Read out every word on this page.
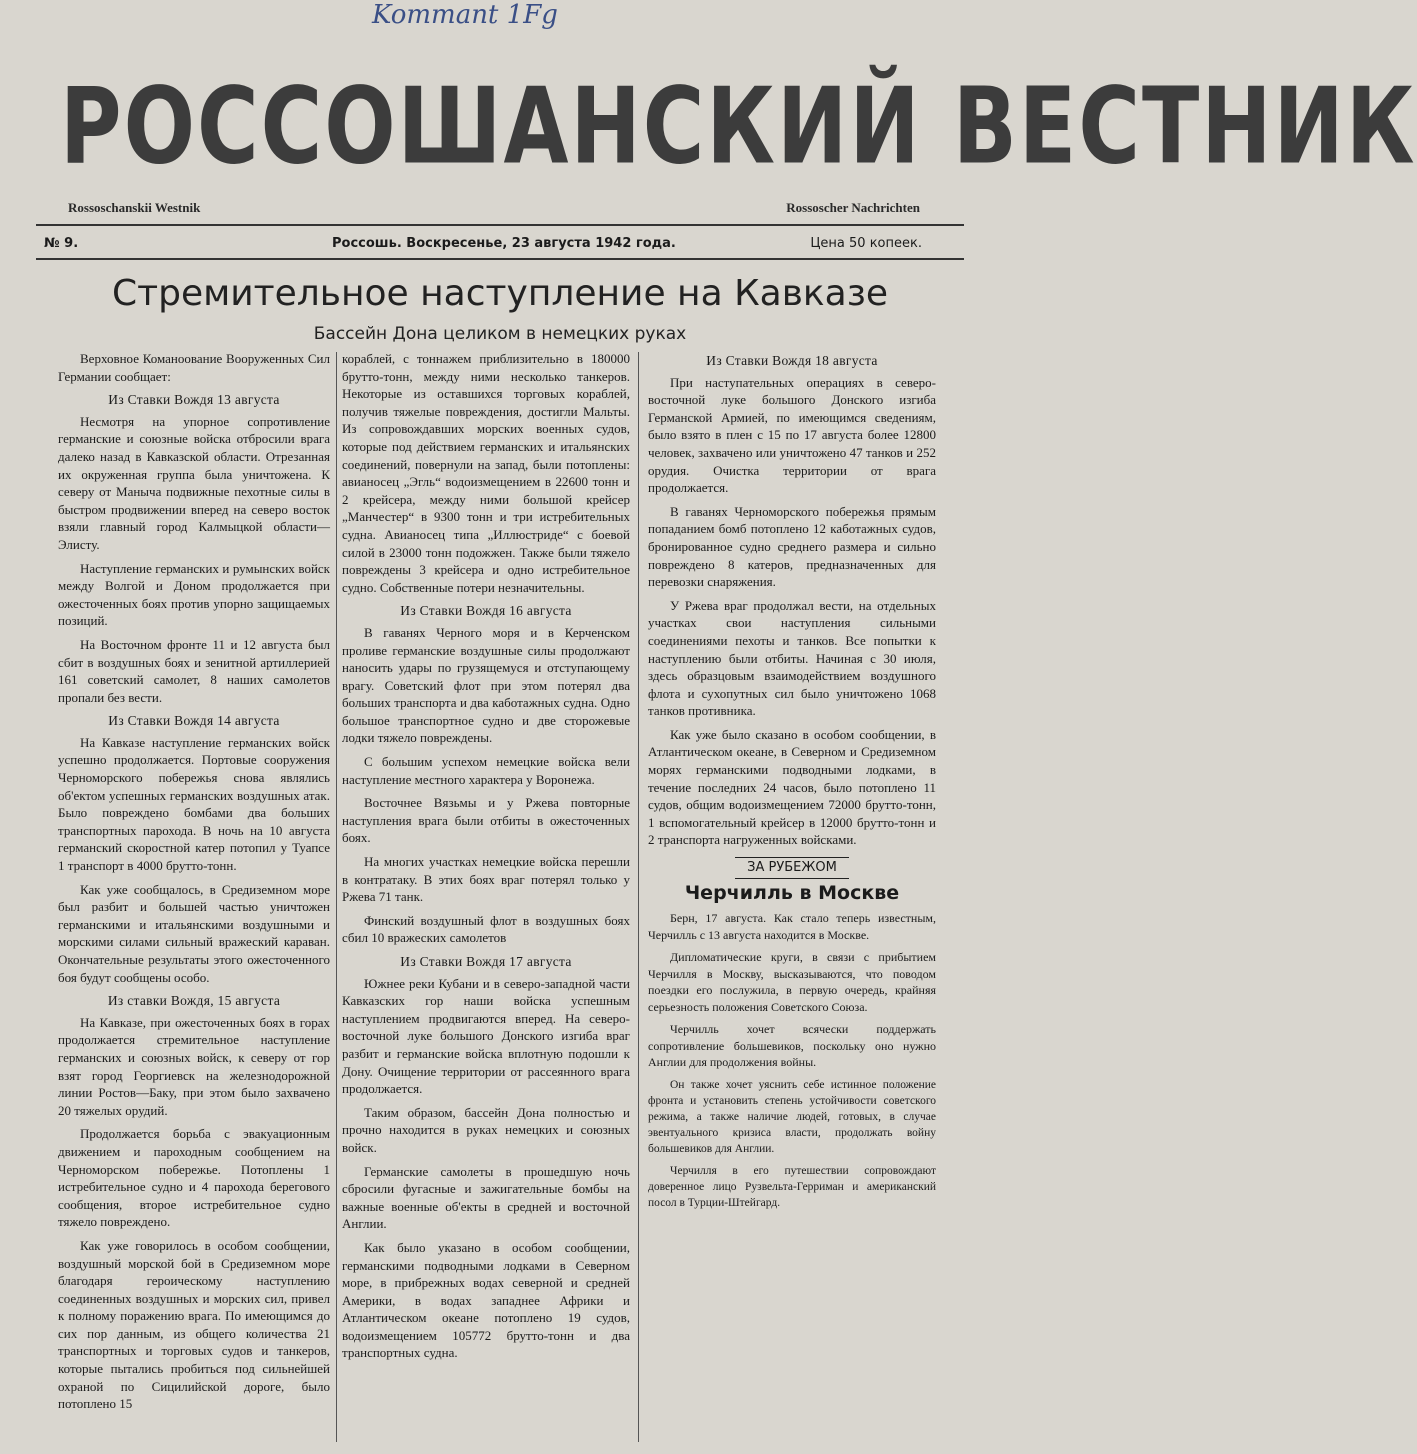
Kommant 1Fg
РОССОШАНСКИЙ ВЕСТНИК
Rossoschanskii Westnik	Rossoscher Nachrichten
№ 9.	Россошь. Воскресенье, 23 августа 1942 года.	Цена 50 копеек.
Стремительное наступление на Кавказе
Бассейн Дона целиком в немецких руках

Верховное Команоование Вооруженных Сил Германии сообщает:

Из Ставки Вождя 13 августа

Несмотря на упорное сопротивление германские и союзные войска отбросили врага далеко назад в Кавказской области. Отрезанная их окруженная группа была уничтожена. К северу от Маныча подвижные пехотные силы в быстром продвижении вперед на северо восток взяли главный город Калмыцкой области—Элисту.

Наступление германских и румынских войск между Волгой и Доном продолжается при ожесточенных боях против упорно защищаемых позиций.

На Восточном фронте 11 и 12 августа был сбит в воздушных боях и зенитной артиллерией 161 советский самолет, 8 наших самолетов пропали без вести.

Из Ставки Вождя 14 августа

На Кавказе наступление германских войск успешно продолжается. Портовые сооружения Черноморского побережья снова являлись об'ектом успешных германских воздушных атак. Было повреждено бомбами два больших транспортных парохода. В ночь на 10 августа германский скоростной катер потопил у Туапсе 1 транспорт в 4000 брутто-тонн.

Как уже сообщалось, в Средиземном море был разбит и большей частью уничтожен германскими и итальянскими воздушными и морскими силами сильный вражеский караван. Окончательные результаты этого ожесточенного боя будут сообщены особо.

Из ставки Вождя, 15 августа

На Кавказе, при ожесточенных боях в горах продолжается стремительное наступление германских и союзных войск, к северу от гор взят город Георгиевск на железнодорожной линии Ростов—Баку, при этом было захвачено 20 тяжелых орудий.

Продолжается борьба с эвакуационным движением и пароходным сообщением на Черноморском побережье. Потоплены 1 истребительное судно и 4 парохода берегового сообщения, второе истребительное судно тяжело повреждено.

Как уже говорилось в особом сообщении, воздушный морской бой в Средиземном море благодаря героическому наступлению соединенных воздушных и морских сил, привел к полному поражению врага. По имеющимся до сих пор данным, из общего количества 21 транспортных и торговых судов и танкеров, которые пытались пробиться под сильнейшей охраной по Сицилийской дороге, было потоплено 15

кораблей, с тоннажем приблизительно в 180000 брутто-тонн, между ними несколько танкеров. Некоторые из оставшихся торговых кораблей, получив тяжелые повреждения, достигли Мальты. Из сопровождавших морских военных судов, которые под действием германских и итальянских соединений, повернули на запад, были потоплены: авианосец „Эгль“ водоизмещением в 22600 тонн и 2 крейсера, между ними большой крейсер „Манчестер“ в 9300 тонн и три истребительных судна. Авианосец типа „Иллюстриде“ с боевой силой в 23000 тонн подожжен. Также были тяжело повреждены 3 крейсера и одно истребительное судно. Собственные потери незначительны.

Из Ставки Вождя 16 августа

В гаванях Черного моря и в Керченском проливе германские воздушные силы продолжают наносить удары по грузящемуся и отступающему врагу. Советский флот при этом потерял два больших транспорта и два каботажных судна. Одно большое транспортное судно и две сторожевые лодки тяжело повреждены.

С большим успехом немецкие войска вели наступление местного характера у Воронежа.

Восточнее Вязьмы и у Ржева повторные наступления врага были отбиты в ожесточенных боях.

На многих участках немецкие войска перешли в контратаку. В этих боях враг потерял только у Ржева 71 танк.

Финский воздушный флот в воздушных боях сбил 10 вражеских самолетов

Из Ставки Вождя 17 августа

Южнее реки Кубани и в северо-западной части Кавказских гор наши войска успешным наступлением продвигаются вперед. На северо-восточной луке большого Донского изгиба враг разбит и германские войска вплотную подошли к Дону. Очищение территории от рассеянного врага продолжается.

Таким образом, бассейн Дона полностью и прочно находится в руках немецких и союзных войск.

Германские самолеты в прошедшую ночь сбросили фугасные и зажигательные бомбы на важные военные об'екты в средней и восточной Англии.

Как было указано в особом сообщении, германскими подводными лодками в Северном море, в прибрежных водах северной и средней Америки, в водах западнее Африки и Атлантическом океане потоплено 19 судов, водоизмещением 105772 брутто-тонн и два транспортных судна.

Из Ставки Вождя 18 августа

При наступательных операциях в северо-восточной луке большого Донского изгиба Германской Армией, по имеющимся сведениям, было взято в плен с 15 по 17 августа более 12800 человек, захвачено или уничтожено 47 танков и 252 орудия. Очистка территории от врага продолжается.

В гаванях Черноморского побережья прямым попаданием бомб потоплено 12 каботажных судов, бронированное судно среднего размера и сильно повреждено 8 катеров, предназначенных для перевозки снаряжения.

У Ржева враг продолжал вести, на отдельных участках свои наступления сильными соединениями пехоты и танков. Все попытки к наступлению были отбиты. Начиная с 30 июля, здесь образцовым взаимодействием воздушного флота и сухопутных сил было уничтожено 1068 танков противника.

Как уже было сказано в особом сообщении, в Атлантическом океане, в Северном и Средиземном морях германскими подводными лодками, в течение последних 24 часов, было потоплено 11 судов, общим водоизмещением 72000 брутто-тонн, 1 вспомогательный крейсер в 12000 брутто-тонн и 2 транспорта нагруженных войсками.

ЗА РУБЕЖОМ
Черчилль в Москве

Берн, 17 августа. Как стало теперь известным, Черчилль с 13 августа находится в Москве.

Дипломатические круги, в связи с прибытием Черчилля в Москву, высказываются, что поводом поездки его послужила, в первую очередь, крайняя серьезность положения Советского Союза.

Черчилль хочет всячески поддержать сопротивление большевиков, поскольку оно нужно Англии для продолжения войны.

Он также хочет уяснить себе истинное положение фронта и установить степень устойчивости советского режима, а также наличие людей, готовых, в случае эвентуального кризиса власти, продолжать войну большевиков для Англии.

Черчилля в его путешествии сопровождают доверенное лицо Рузвельта-Герриман и американский посол в Турции-Штейгард.
